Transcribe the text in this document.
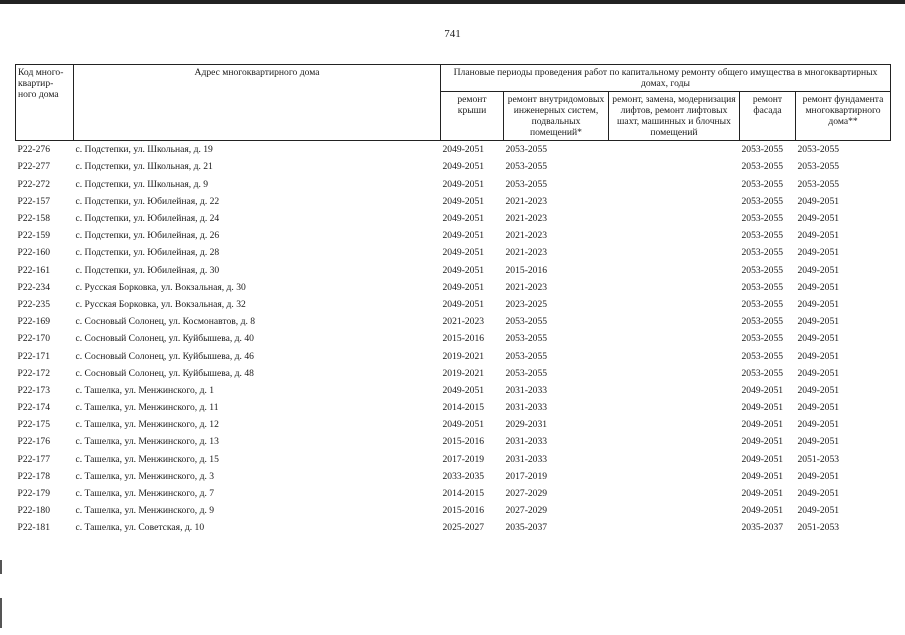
741
Код много-квартир-ного дома	Адрес многоквартирного дома	Плановые периоды проведения работ по капитальному ремонту общего имущества в многоквартирных домах, годы				
		ремонт крыши	ремонт внутридомовых инженерных систем, подвальных помещений*	ремонт, замена, модернизация лифтов, ремонт лифтовых шахт, машинных и блочных помещений	ремонт фасада	ремонт фундамента многоквартирного дома**
P22-276	с. Подстепки, ул. Школьная, д. 19	2049-2051	2053-2055		2053-2055	2053-2055
P22-277	с. Подстепки, ул. Школьная, д. 21	2049-2051	2053-2055		2053-2055	2053-2055
P22-272	с. Подстепки, ул. Школьная, д. 9	2049-2051	2053-2055		2053-2055	2053-2055
P22-157	с. Подстепки, ул. Юбилейная, д. 22	2049-2051	2021-2023		2053-2055	2049-2051
P22-158	с. Подстепки, ул. Юбилейная, д. 24	2049-2051	2021-2023		2053-2055	2049-2051
P22-159	с. Подстепки, ул. Юбилейная, д. 26	2049-2051	2021-2023		2053-2055	2049-2051
P22-160	с. Подстепки, ул. Юбилейная, д. 28	2049-2051	2021-2023		2053-2055	2049-2051
P22-161	с. Подстепки, ул. Юбилейная, д. 30	2049-2051	2015-2016		2053-2055	2049-2051
P22-234	с. Русская Борковка, ул. Вокзальная, д. 30	2049-2051	2021-2023		2053-2055	2049-2051
P22-235	с. Русская Борковка, ул. Вокзальная, д. 32	2049-2051	2023-2025		2053-2055	2049-2051
P22-169	с. Сосновый Солонец, ул. Космонавтов, д. 8	2021-2023	2053-2055		2053-2055	2049-2051
P22-170	с. Сосновый Солонец, ул. Куйбышева, д. 40	2015-2016	2053-2055		2053-2055	2049-2051
P22-171	с. Сосновый Солонец, ул. Куйбышева, д. 46	2019-2021	2053-2055		2053-2055	2049-2051
P22-172	с. Сосновый Солонец, ул. Куйбышева, д. 48	2019-2021	2053-2055		2053-2055	2049-2051
P22-173	с. Ташелка, ул. Менжинского, д. 1	2049-2051	2031-2033		2049-2051	2049-2051
P22-174	с. Ташелка, ул. Менжинского, д. 11	2014-2015	2031-2033		2049-2051	2049-2051
P22-175	с. Ташелка, ул. Менжинского, д. 12	2049-2051	2029-2031		2049-2051	2049-2051
P22-176	с. Ташелка, ул. Менжинского, д. 13	2015-2016	2031-2033		2049-2051	2049-2051
P22-177	с. Ташелка, ул. Менжинского, д. 15	2017-2019	2031-2033		2049-2051	2051-2053
P22-178	с. Ташелка, ул. Менжинского, д. 3	2033-2035	2017-2019		2049-2051	2049-2051
P22-179	с. Ташелка, ул. Менжинского, д. 7	2014-2015	2027-2029		2049-2051	2049-2051
P22-180	с. Ташелка, ул. Менжинского, д. 9	2015-2016	2027-2029		2049-2051	2049-2051
P22-181	с. Ташелка, ул. Советская, д. 10	2025-2027	2035-2037		2035-2037	2051-2053
